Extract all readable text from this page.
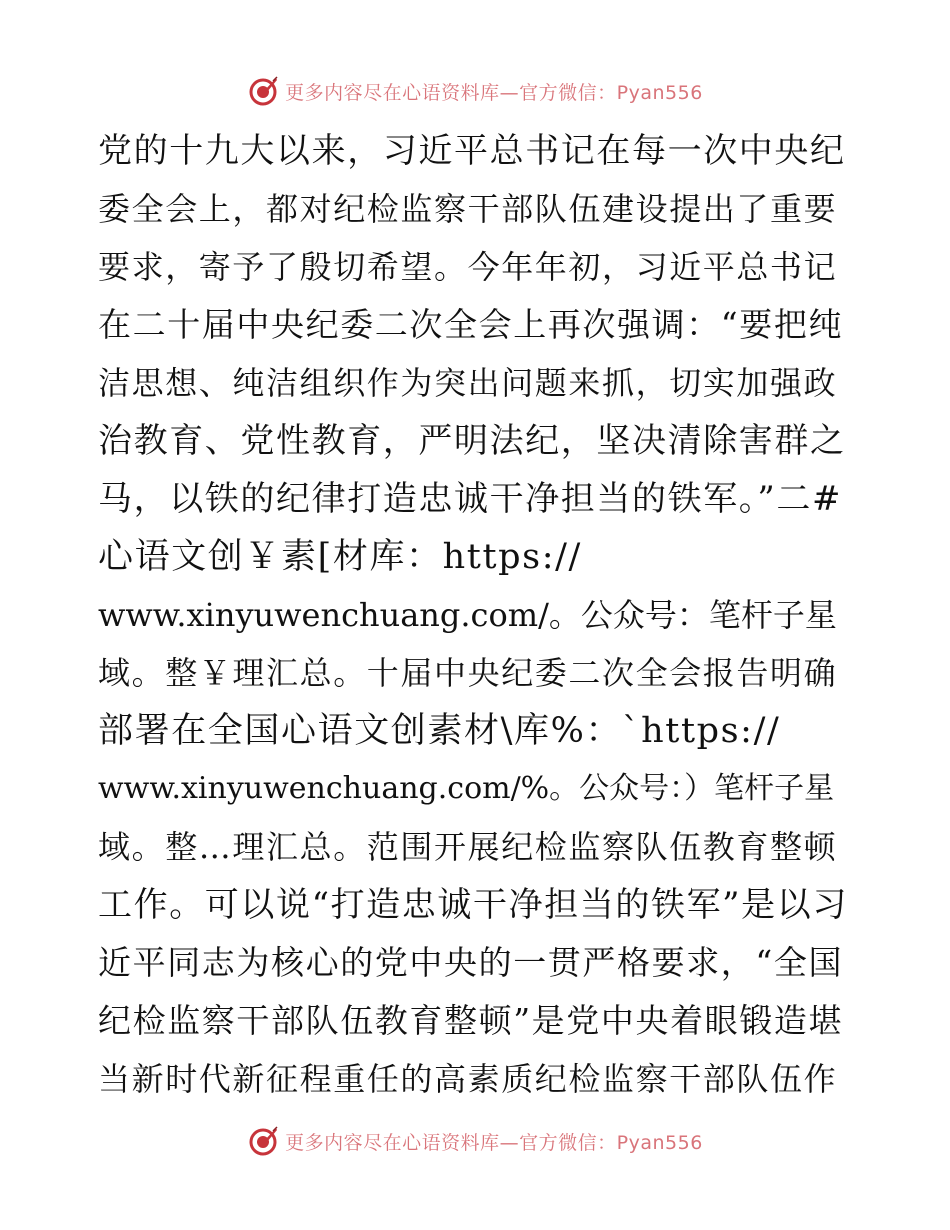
更多内容尽在心语资料库—官方微信：Pyan556
党的十九大以来，习近平总书记在每一次中央纪
委全会上，都对纪检监察干部队伍建设提出了重要
要求，寄予了殷切希望。今年年初，习近平总书记
在二十届中央纪委二次全会上再次强调：“要把纯
洁思想、纯洁组织作为突出问题来抓，切实加强政
治教育、党性教育，严明法纪，坚决清除害群之
马，以铁的纪律打造忠诚干净担当的铁军。”二#
心语文创￥素[材库：https://
www.xinyuwenchuang.com/。公众号：笔杆子星
域。整￥理汇总。十届中央纪委二次全会报告明确
部署在全国心语文创素材\库%：`https://
www.xinyuwenchuang.com/%。公众号：）笔杆子星
域。整…理汇总。范围开展纪检监察队伍教育整顿
工作。可以说“打造忠诚干净担当的铁军”是以习
近平同志为核心的党中央的一贯严格要求，“全国
纪检监察干部队伍教育整顿”是党中央着眼锻造堪
当新时代新征程重任的高素质纪检监察干部队伍作
更多内容尽在心语资料库—官方微信：Pyan556
